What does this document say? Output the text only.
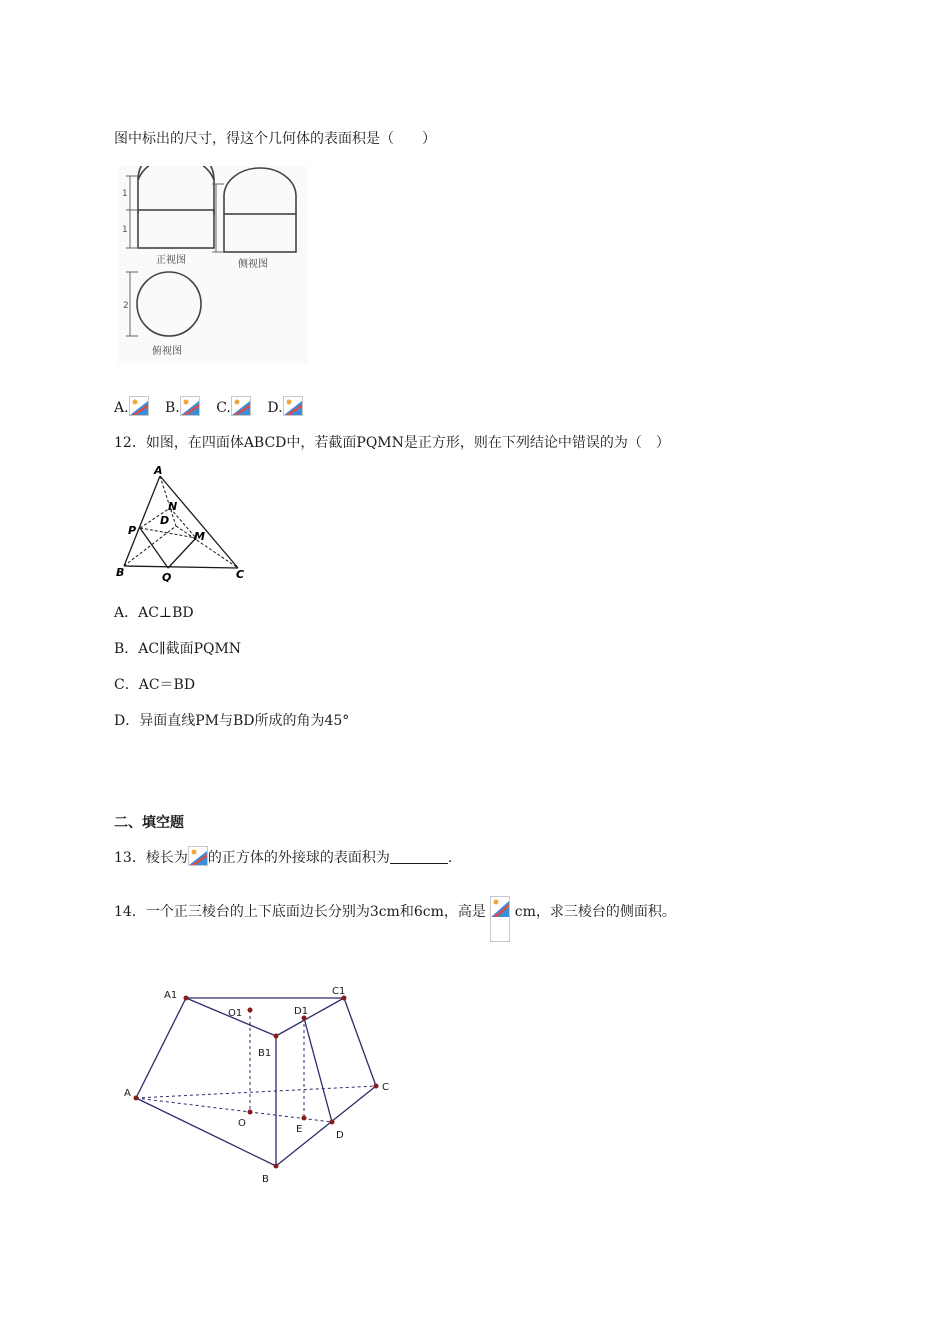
图中标出的尺寸，得这个几何体的表面积是（　　）
1
1
正视图	侧视图
2
俯视图
A.	B.	C.	D.
12．如图，在四面体ABCD中，若截面PQMN是正方形，则在下列结论中错误的为（　）
A
B	C
D
N
M
P
Q
A．AC⊥BD
B．AC∥截面PQMN
C．AC＝BD
D．异面直线PM与BD所成的角为45°
二、填空题
13．棱长为 的正方体的外接球的表面积为	.
14．一个正三棱台的上下底面边长分别为3cm和6cm，高是 cm，求三棱台的侧面积。
A1	C1
D1
O1
B1
A
C
D
O
E
B
